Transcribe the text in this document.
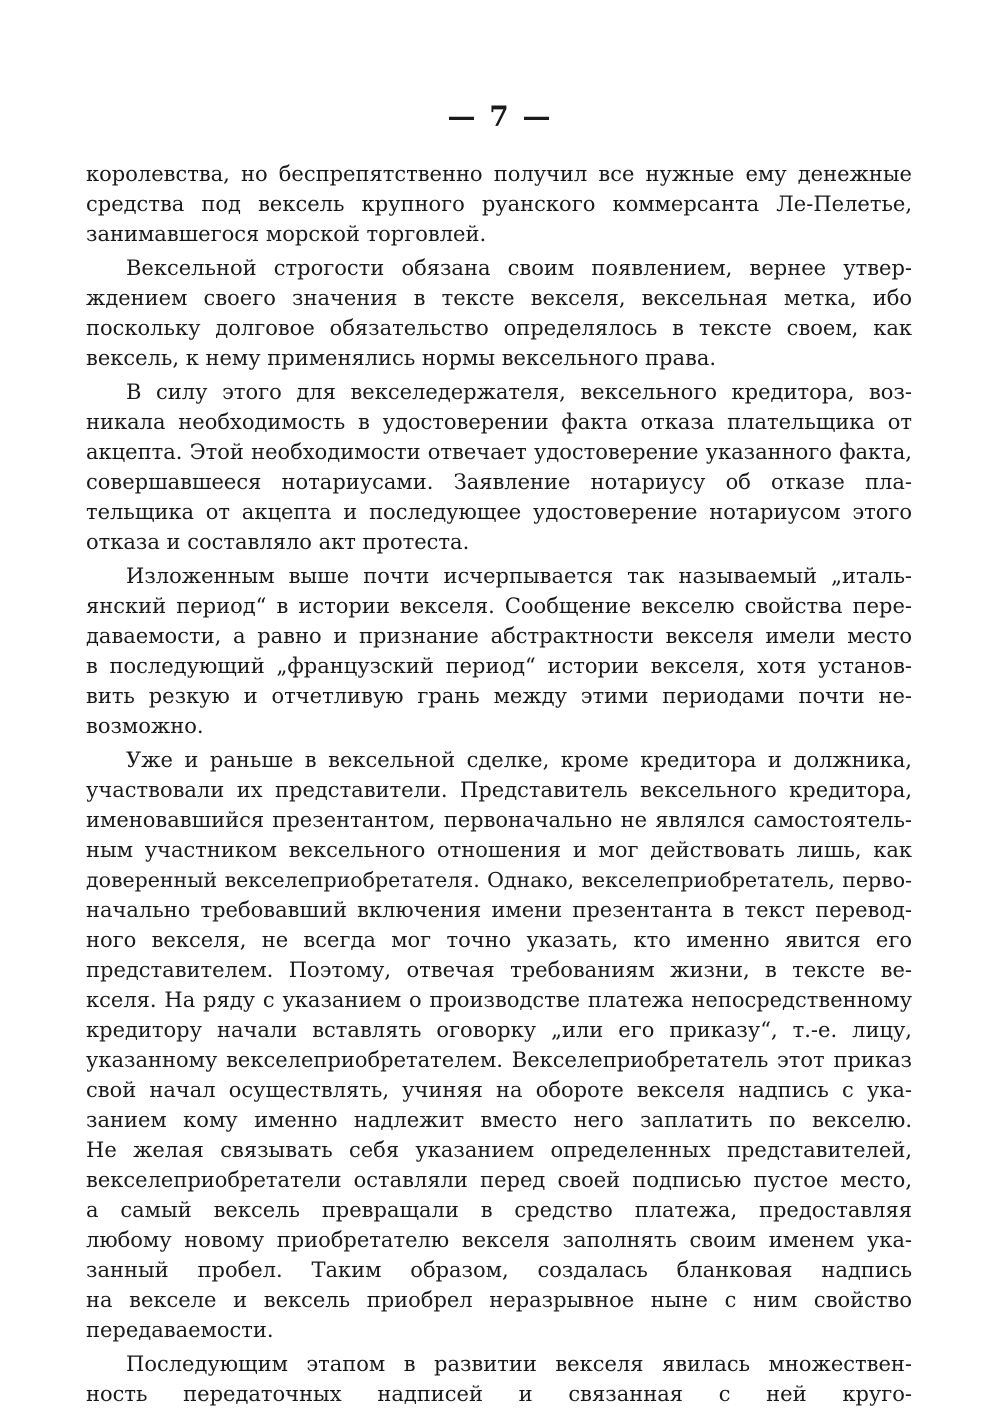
— 7 —
королевства, но беспрепятственно получил все нужные ему денежные
средства под вексель крупного руанского коммерсанта Ле-Пелетье,
занимавшегося морской торговлей.
Вексельной строгости обязана своим появлением, вернее утвер-
ждением своего значения в тексте векселя, вексельная метка, ибо
поскольку долговое обязательство определялось в тексте своем, как
вексель, к нему применялись нормы вексельного права.
В силу этого для векселедержателя, вексельного кредитора, воз-
никала необходимость в удостоверении факта отказа плательщика от
акцепта. Этой необходимости отвечает удостоверение указанного факта,
совершавшееся нотариусами. Заявление нотариусу об отказе пла-
тельщика от акцепта и последующее удостоверение нотариусом этого
отказа и составляло акт протеста.
Изложенным выше почти исчерпывается так называемый „италь-
янский период“ в истории векселя. Сообщение векселю свойства пере-
даваемости, а равно и признание абстрактности векселя имели место
в последующий „французский период“ истории векселя, хотя установ-
вить резкую и отчетливую грань между этими периодами почти не-
возможно.
Уже и раньше в вексельной сделке, кроме кредитора и должника,
участвовали их представители. Представитель вексельного кредитора,
именовавшийся презентантом, первоначально не являлся самостоятель-
ным участником вексельного отношения и мог действовать лишь, как
доверенный векселеприобретателя. Однако, векселеприобретатель, перво-
начально требовавший включения имени презентанта в текст перевод-
ного векселя, не всегда мог точно указать, кто именно явится его
представителем. Поэтому, отвечая требованиям жизни, в тексте ве-
кселя. На ряду с указанием о производстве платежа непосредственному
кредитору начали вставлять оговорку „или его приказу“, т.-е. лицу,
указанному векселеприобретателем. Векселеприобретатель этот приказ
свой начал осуществлять, учиняя на обороте векселя надпись с ука-
занием кому именно надлежит вместо него заплатить по векселю.
Не желая связывать себя указанием определенных представителей,
векселеприобретатели оставляли перед своей подписью пустое место,
а самый вексель превращали в средство платежа, предоставляя
любому новому приобретателю векселя заполнять своим именем ука-
занный пробел. Таким образом, создалась бланковая надпись
на векселе и вексель приобрел неразрывное ныне с ним свойство
передаваемости.
Последующим этапом в развитии векселя явилась множествен-
ность передаточных надписей и связанная с ней круго-
